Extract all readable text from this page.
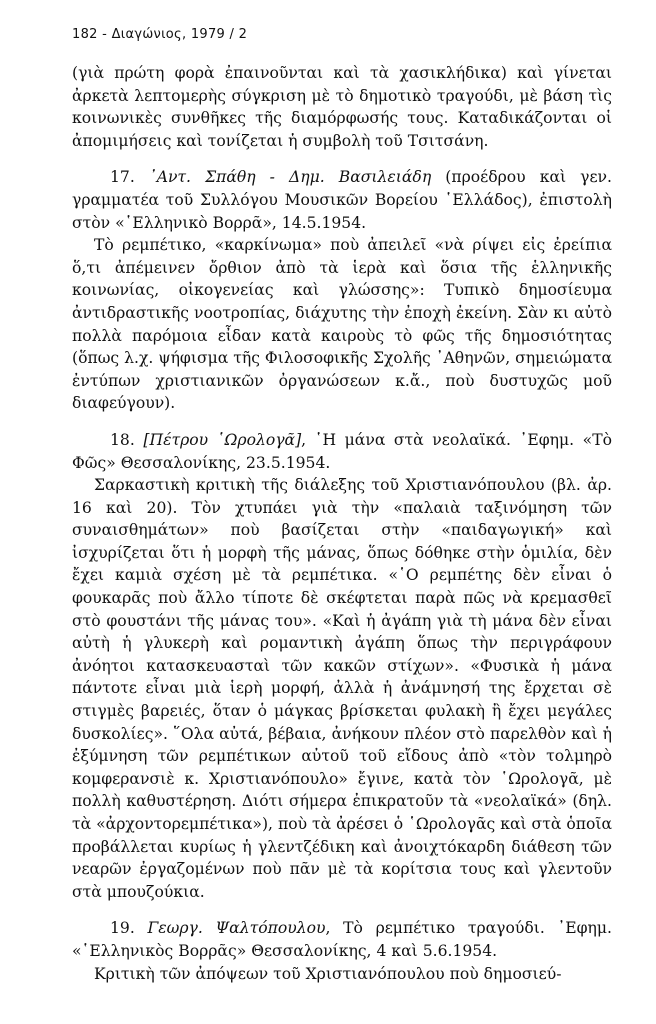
182 - Διαγώνιος, 1979 / 2

(γιὰ πρώτη φορὰ ἐπαινοῦνται καὶ τὰ χασικλήδικα) καὶ γίνεται ἀρκετὰ λεπτομερὴς σύγκριση μὲ τὸ δημοτικὸ τραγούδι, μὲ βάση τὶς κοινωνικὲς συνθῆκες τῆς διαμόρφωσής τους. Καταδικάζονται οἱ ἀπομιμήσεις καὶ τονίζεται ἡ συμβολὴ τοῦ Τσιτσάνη.

17. ᾿Αντ. Σπάθη - Δημ. Βασιλειάδη (προέδρου καὶ γεν. γραμματέα τοῦ Συλλόγου Μουσικῶν Βορείου ῾Ελλάδος), ἐπιστολὴ στὸν «῾Ελληνικὸ Βορρᾶ», 14.5.1954.

Τὸ ρεμπέτικο, «καρκίνωμα» ποὺ ἀπειλεῖ «νὰ ρίψει εἰς ἐρείπια ὅ,τι ἀπέμεινεν ὄρθιον ἀπὸ τὰ ἱερὰ καὶ ὅσια τῆς ἑλληνικῆς κοινωνίας, οἰκογενείας καὶ γλώσσης»: Τυπικὸ δημοσίευμα ἀντιδραστικῆς νοοτροπίας, διάχυτης τὴν ἐποχὴ ἐκείνη. Σὰν κι αὐτὸ πολλὰ παρόμοια εἶδαν κατὰ καιροὺς τὸ φῶς τῆς δημοσιότητας (ὅπως λ.χ. ψήφισμα τῆς Φιλοσοφικῆς Σχολῆς ᾿Αθηνῶν, σημειώματα ἐντύπων χριστιανικῶν ὀργανώσεων κ.ἄ., ποὺ δυστυχῶς μοῦ διαφεύγουν).

18. [Πέτρου ῾Ωρολογᾶ], ῾Η μάνα στὰ νεολαϊκά. ᾿Εφημ. «Τὸ Φῶς» Θεσσαλονίκης, 23.5.1954.

Σαρκαστικὴ κριτικὴ τῆς διάλεξης τοῦ Χριστιανόπουλου (βλ. ἀρ. 16 καὶ 20). Τὸν χτυπάει γιὰ τὴν «παλαιὰ ταξινόμηση τῶν συναισθημάτων» ποὺ βασίζεται στὴν «παιδαγωγική» καὶ ἰσχυρίζεται ὅτι ἡ μορφὴ τῆς μάνας, ὅπως δόθηκε στὴν ὁμιλία, δὲν ἔχει καμιὰ σχέση μὲ τὰ ρεμπέτικα. «῾Ο ρεμπέτης δὲν εἶναι ὁ φουκαρᾶς ποὺ ἄλλο τίποτε δὲ σκέφτεται παρὰ πῶς νὰ κρεμασθεῖ στὸ φουστάνι τῆς μάνας του». «Καὶ ἡ ἀγάπη γιὰ τὴ μάνα δὲν εἶναι αὐτὴ ἡ γλυκερὴ καὶ ρομαντικὴ ἀγάπη ὅπως τὴν περιγράφουν ἀνόητοι κατασκευασταὶ τῶν κακῶν στίχων». «Φυσικὰ ἡ μάνα πάντοτε εἶναι μιὰ ἱερὴ μορφή, ἀλλὰ ἡ ἀνάμνησή της ἔρχεται σὲ στιγμὲς βαρειές, ὅταν ὁ μάγκας βρίσκεται φυλακὴ ἢ ἔχει μεγάλες δυσκολίες». ῞Ολα αὐτά, βέβαια, ἀνήκουν πλέον στὸ παρελθὸν καὶ ἡ ἐξύμνηση τῶν ρεμπέτικων αὐτοῦ τοῦ εἴδους ἀπὸ «τὸν τολμηρὸ κομφερανσιὲ κ. Χριστιανόπουλο» ἔγινε, κατὰ τὸν ῾Ωρολογᾶ, μὲ πολλὴ καθυστέρηση. Διότι σήμερα ἐπικρατοῦν τὰ «νεολαϊκά» (δηλ. τὰ «ἀρχοντορεμπέτικα»), ποὺ τὰ ἀρέσει ὁ ῾Ωρολογᾶς καὶ στὰ ὁποῖα προβάλλεται κυρίως ἡ γλεντζέδικη καὶ ἀνοιχτόκαρδη διάθεση τῶν νεαρῶν ἐργαζομένων ποὺ πᾶν μὲ τὰ κορίτσια τους καὶ γλεντοῦν στὰ μπουζούκια.

19. Γεωργ. Ψαλτόπουλου, Τὸ ρεμπέτικο τραγούδι. ᾿Εφημ. «῾Ελληνικὸς Βορρᾶς» Θεσσαλονίκης, 4 καὶ 5.6.1954.

Κριτικὴ τῶν ἀπόψεων τοῦ Χριστιανόπουλου ποὺ δημοσιεύ-
